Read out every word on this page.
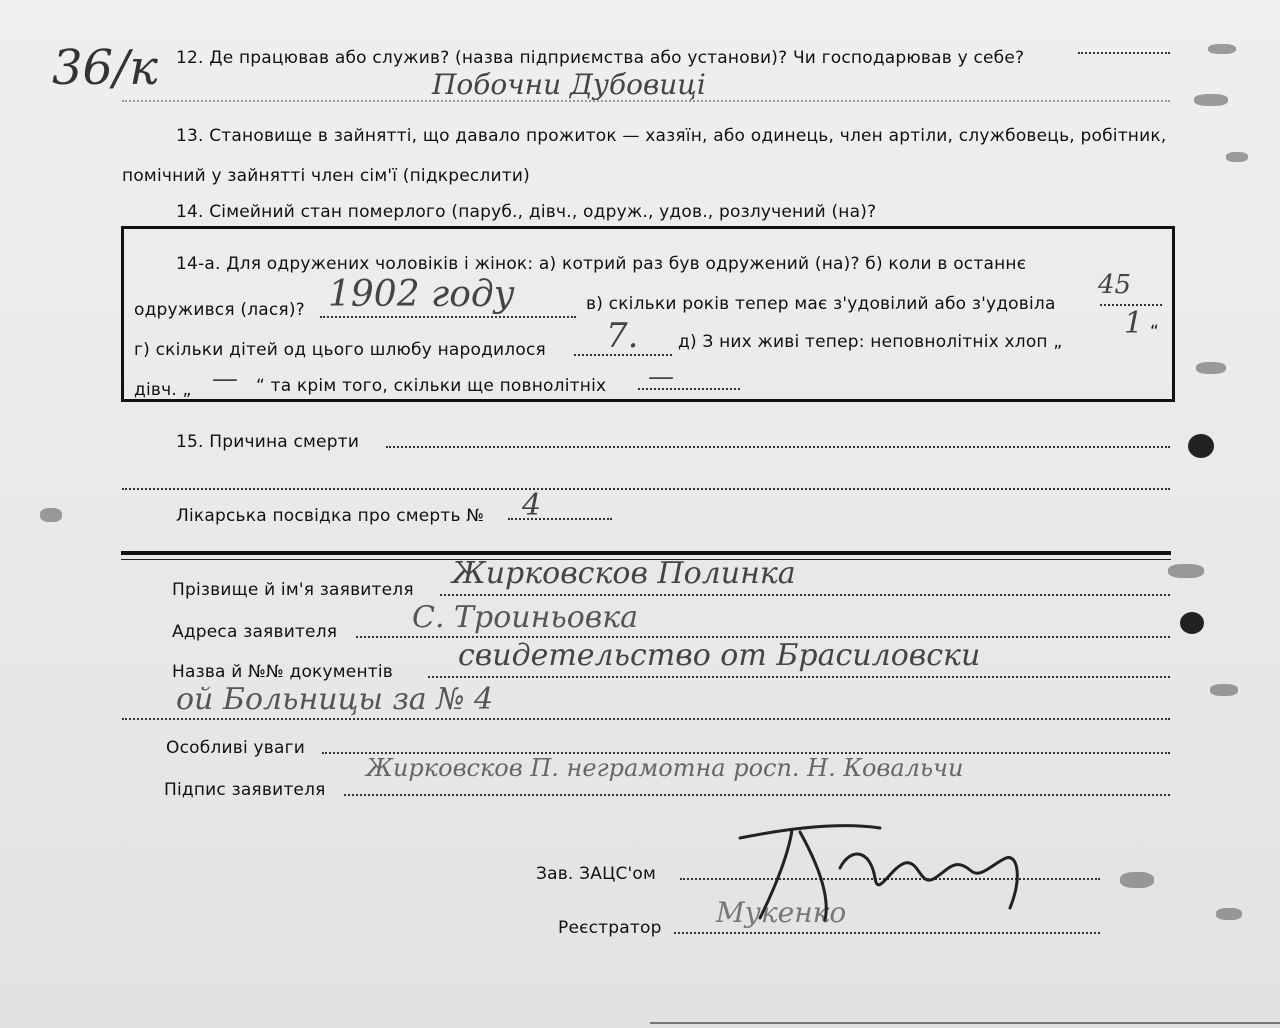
36/к 12. Де працював або служив? (назва підприємства або установи)? Чи господарював у себе?
Побочни Дубовиці
13. Становище в зайнятті, що давало прожиток — хазяїн, або одинець, член артіли, службовець, робітник,
помічний у зайнятті член сім'ї (підкреслити)
14. Сімейний стан померлого (паруб., дівч., одруж., удов., розлучений (на)?
14-а. Для одружених чоловіків і жінок: а) котрий раз був одружений (на)? б) коли в останнє
одружився (лася)? 1902 году	в) скільки років тепер має з'удовілий або з'удовіла
45
г) скільки дітей од цього шлюбу народилося 7. д) З них живі тепер: неповнолітніх хлоп „
1 “
дівч. „ — “ та крім того, скільки ще повнолітніх —
15. Причина смерти
Лікарська посвідка про смерть № 4
Прізвище й ім'я заявителя Жирковсков Полинка
Адреса заявителя С. Троиньовка
Назва й №№ документів свидетельство от Брасиловски
ой Больницы за № 4
Особливі уваги
Підпис заявителя
Жирковсков П. неграмотна росп. Н. Ковальчи
Зав. ЗАЦС'ом
Реєстратор Мукенко
